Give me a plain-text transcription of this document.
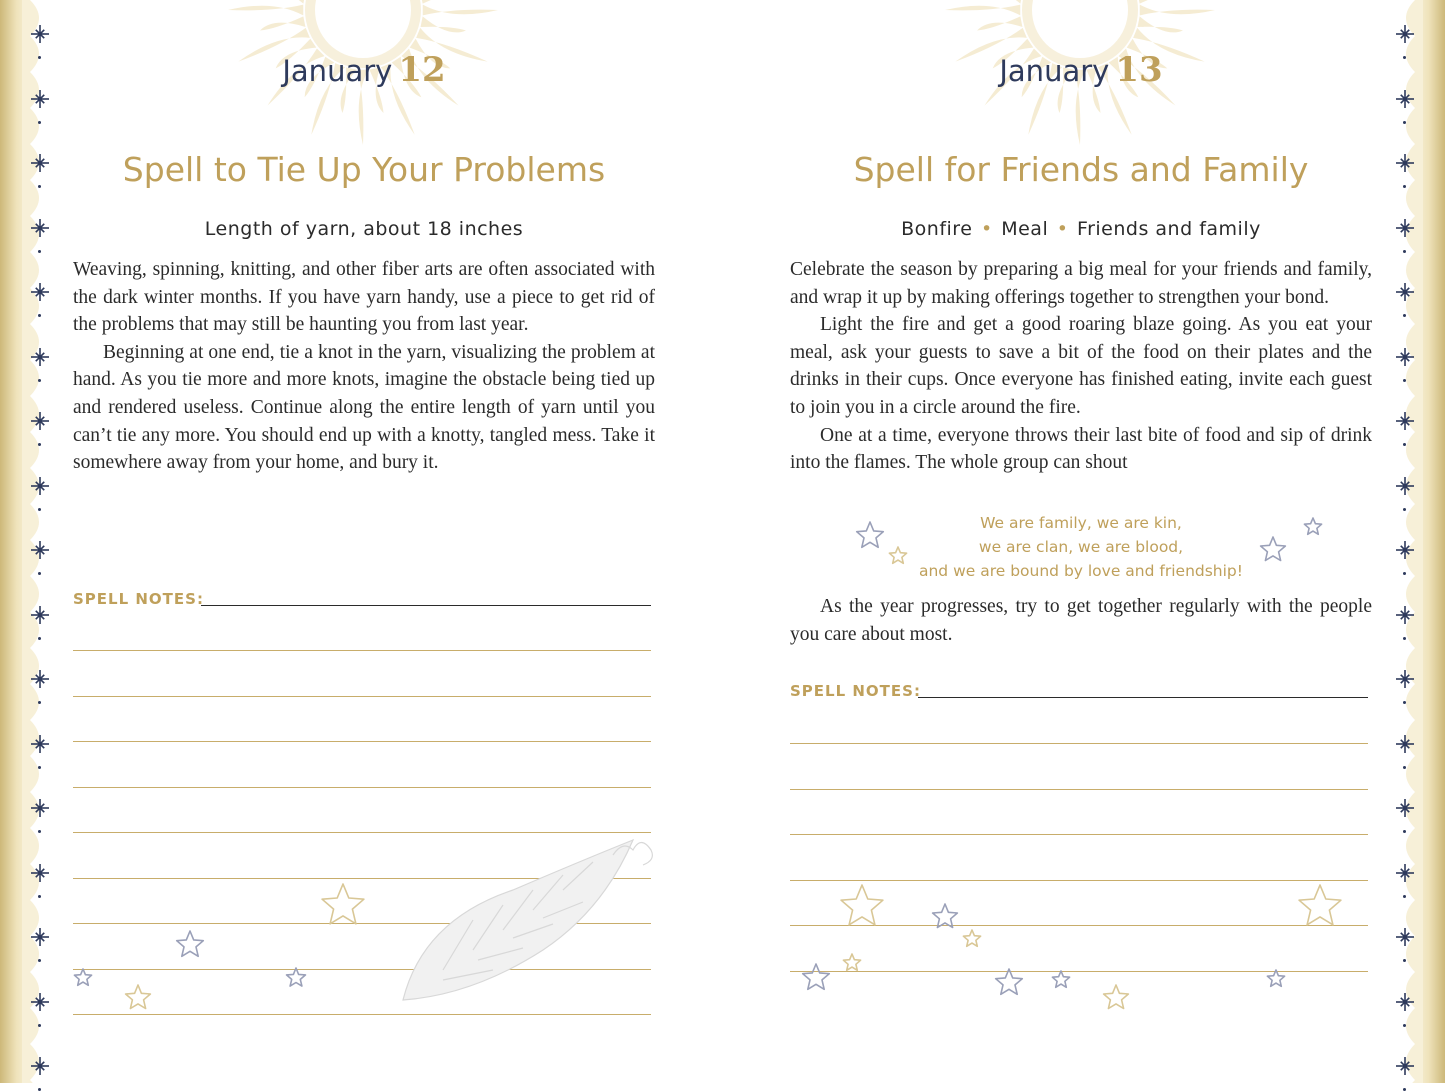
January 12
Spell to Tie Up Your Problems
Length of yarn, about 18 inches

Weaving, spinning, knitting, and other fiber arts are often associated with the dark winter months. If you have yarn handy, use a piece to get rid of the problems that may still be haunting you from last year.

Beginning at one end, tie a knot in the yarn, visualizing the problem at hand. As you tie more and more knots, imagine the obstacle being tied up and rendered useless. Continue along the entire length of yarn until you can’t tie any more. You should end up with a knotty, tangled mess. Take it somewhere away from your home, and bury it.

SPELL NOTES:
January 13
Spell for Friends and Family
Bonfire • Meal • Friends and family

Celebrate the season by preparing a big meal for your friends and family, and wrap it up by making offerings together to strengthen your bond.

Light the fire and get a good roaring blaze going. As you eat your meal, ask your guests to save a bit of the food on their plates and the drinks in their cups. Once everyone has finished eating, invite each guest to join you in a circle around the fire.

One at a time, everyone throws their last bite of food and sip of drink into the flames. The whole group can shout

We are family, we are kin,
we are clan, we are blood,
and we are bound by love and friendship!
As the year progresses, try to get together regularly with the people you care about most.
SPELL NOTES:
